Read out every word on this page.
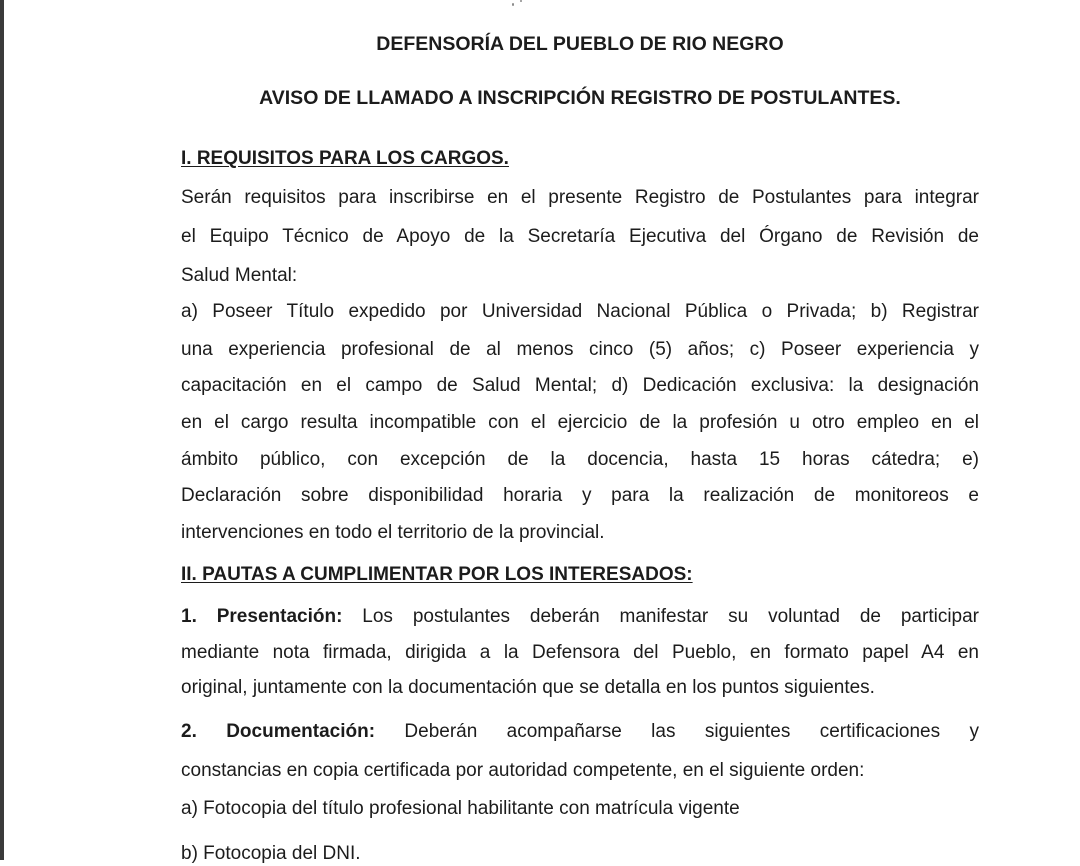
DEFENSORÍA DEL PUEBLO DE RIO NEGRO
AVISO DE LLAMADO A INSCRIPCIÓN REGISTRO DE POSTULANTES.
I. REQUISITOS PARA LOS CARGOS.
Serán requisitos para inscribirse en el presente Registro de Postulantes para integrar
el Equipo Técnico de Apoyo de la Secretaría Ejecutiva del Órgano de Revisión de
Salud Mental:
a) Poseer Título expedido por Universidad Nacional Pública o Privada; b) Registrar
una experiencia profesional de al menos cinco (5) años; c) Poseer experiencia y
capacitación en el campo de Salud Mental; d) Dedicación exclusiva: la designación
en el cargo resulta incompatible con el ejercicio de la profesión u otro empleo en el
ámbito público, con excepción de la docencia, hasta 15 horas cátedra; e)
Declaración sobre disponibilidad horaria y para la realización de monitoreos e
intervenciones en todo el territorio de la provincial.
II. PAUTAS A CUMPLIMENTAR POR LOS INTERESADOS:
1. Presentación: Los postulantes deberán manifestar su voluntad de participar
mediante nota firmada, dirigida a la Defensora del Pueblo, en formato papel A4 en
original, juntamente con la documentación que se detalla en los puntos siguientes.
2. Documentación: Deberán acompañarse las siguientes certificaciones y
constancias en copia certificada por autoridad competente, en el siguiente orden:
a) Fotocopia del título profesional habilitante con matrícula vigente
b) Fotocopia del DNI.
